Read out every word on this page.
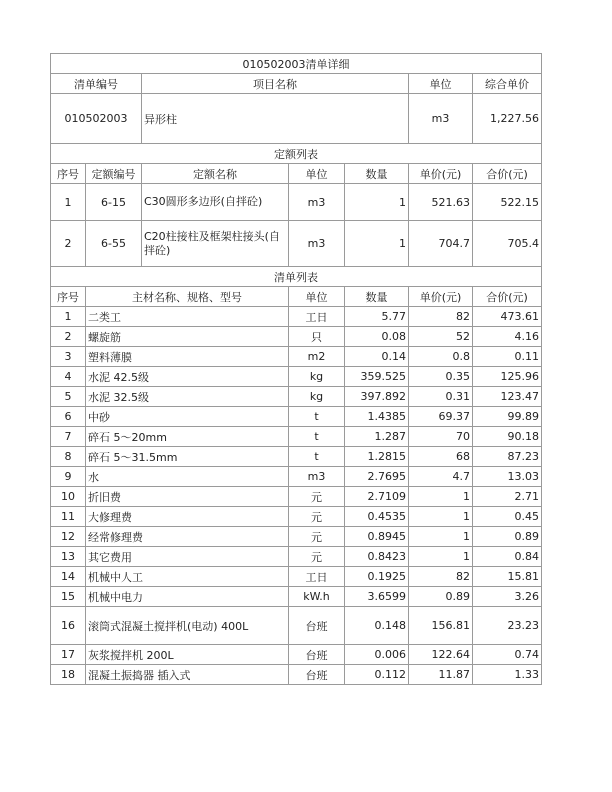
010502003清单详细						
清单编号		项目名称			单位	综合单价
010502003		异形柱			m3	1,227.56
定额列表						
序号	定额编号	定额名称	单位	数量	单价(元)	合价(元)
1	6-15	C30圆形多边形(自拌砼)	m3	1	521.63	522.15
2	6-55	C20柱接柱及框架柱接头(自拌砼)	m3	1	704.7	705.4
清单列表						
序号	主材名称、规格、型号		单位	数量	单价(元)	合价(元)
1	二类工		工日	5.77	82	473.61
2	螺旋筋		只	0.08	52	4.16
3	塑料薄膜		m2	0.14	0.8	0.11
4	水泥 42.5级		kg	359.525	0.35	125.96
5	水泥 32.5级		kg	397.892	0.31	123.47
6	中砂		t	1.4385	69.37	99.89
7	碎石 5～20mm		t	1.287	70	90.18
8	碎石 5～31.5mm		t	1.2815	68	87.23
9	水		m3	2.7695	4.7	13.03
10	折旧费		元	2.7109	1	2.71
11	大修理费		元	0.4535	1	0.45
12	经常修理费		元	0.8945	1	0.89
13	其它费用		元	0.8423	1	0.84
14	机械中人工		工日	0.1925	82	15.81
15	机械中电力		kW.h	3.6599	0.89	3.26
16	滚筒式混凝土搅拌机(电动) 400L		台班	0.148	156.81	23.23
17	灰浆搅拌机 200L		台班	0.006	122.64	0.74
18	混凝土振捣器 插入式		台班	0.112	11.87	1.33
